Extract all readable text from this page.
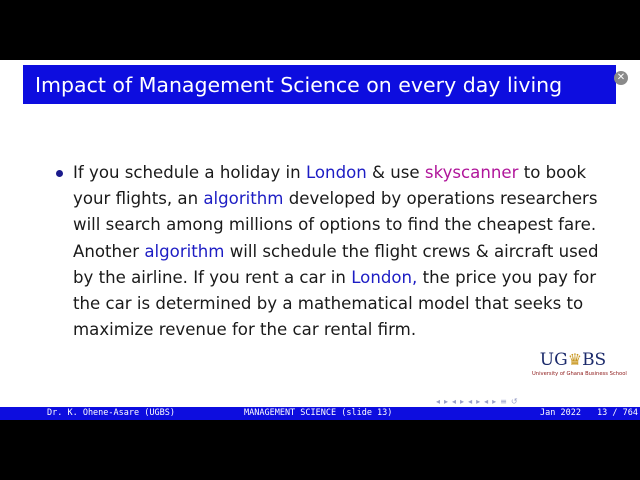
Impact of Management Science on every day living	✕
If you schedule a holiday in London & use skyscanner to book
your flights, an algorithm developed by operations researchers
will search among millions of options to find the cheapest fare.
Another algorithm will schedule the flight crews & aircraft used
by the airline. If you rent a car in London, the price you pay for
the car is determined by a mathematical model that seeks to
maximize revenue for the car rental firm.
UG♛BS
University of Ghana Business School
◂ ▸ ◂ ▸ ◂ ▸ ◂ ▸ ≡ ↺
Dr. K. Ohene-Asare (UGBS)	MANAGEMENT SCIENCE (slide 13)	Jan 2022 13 / 764
